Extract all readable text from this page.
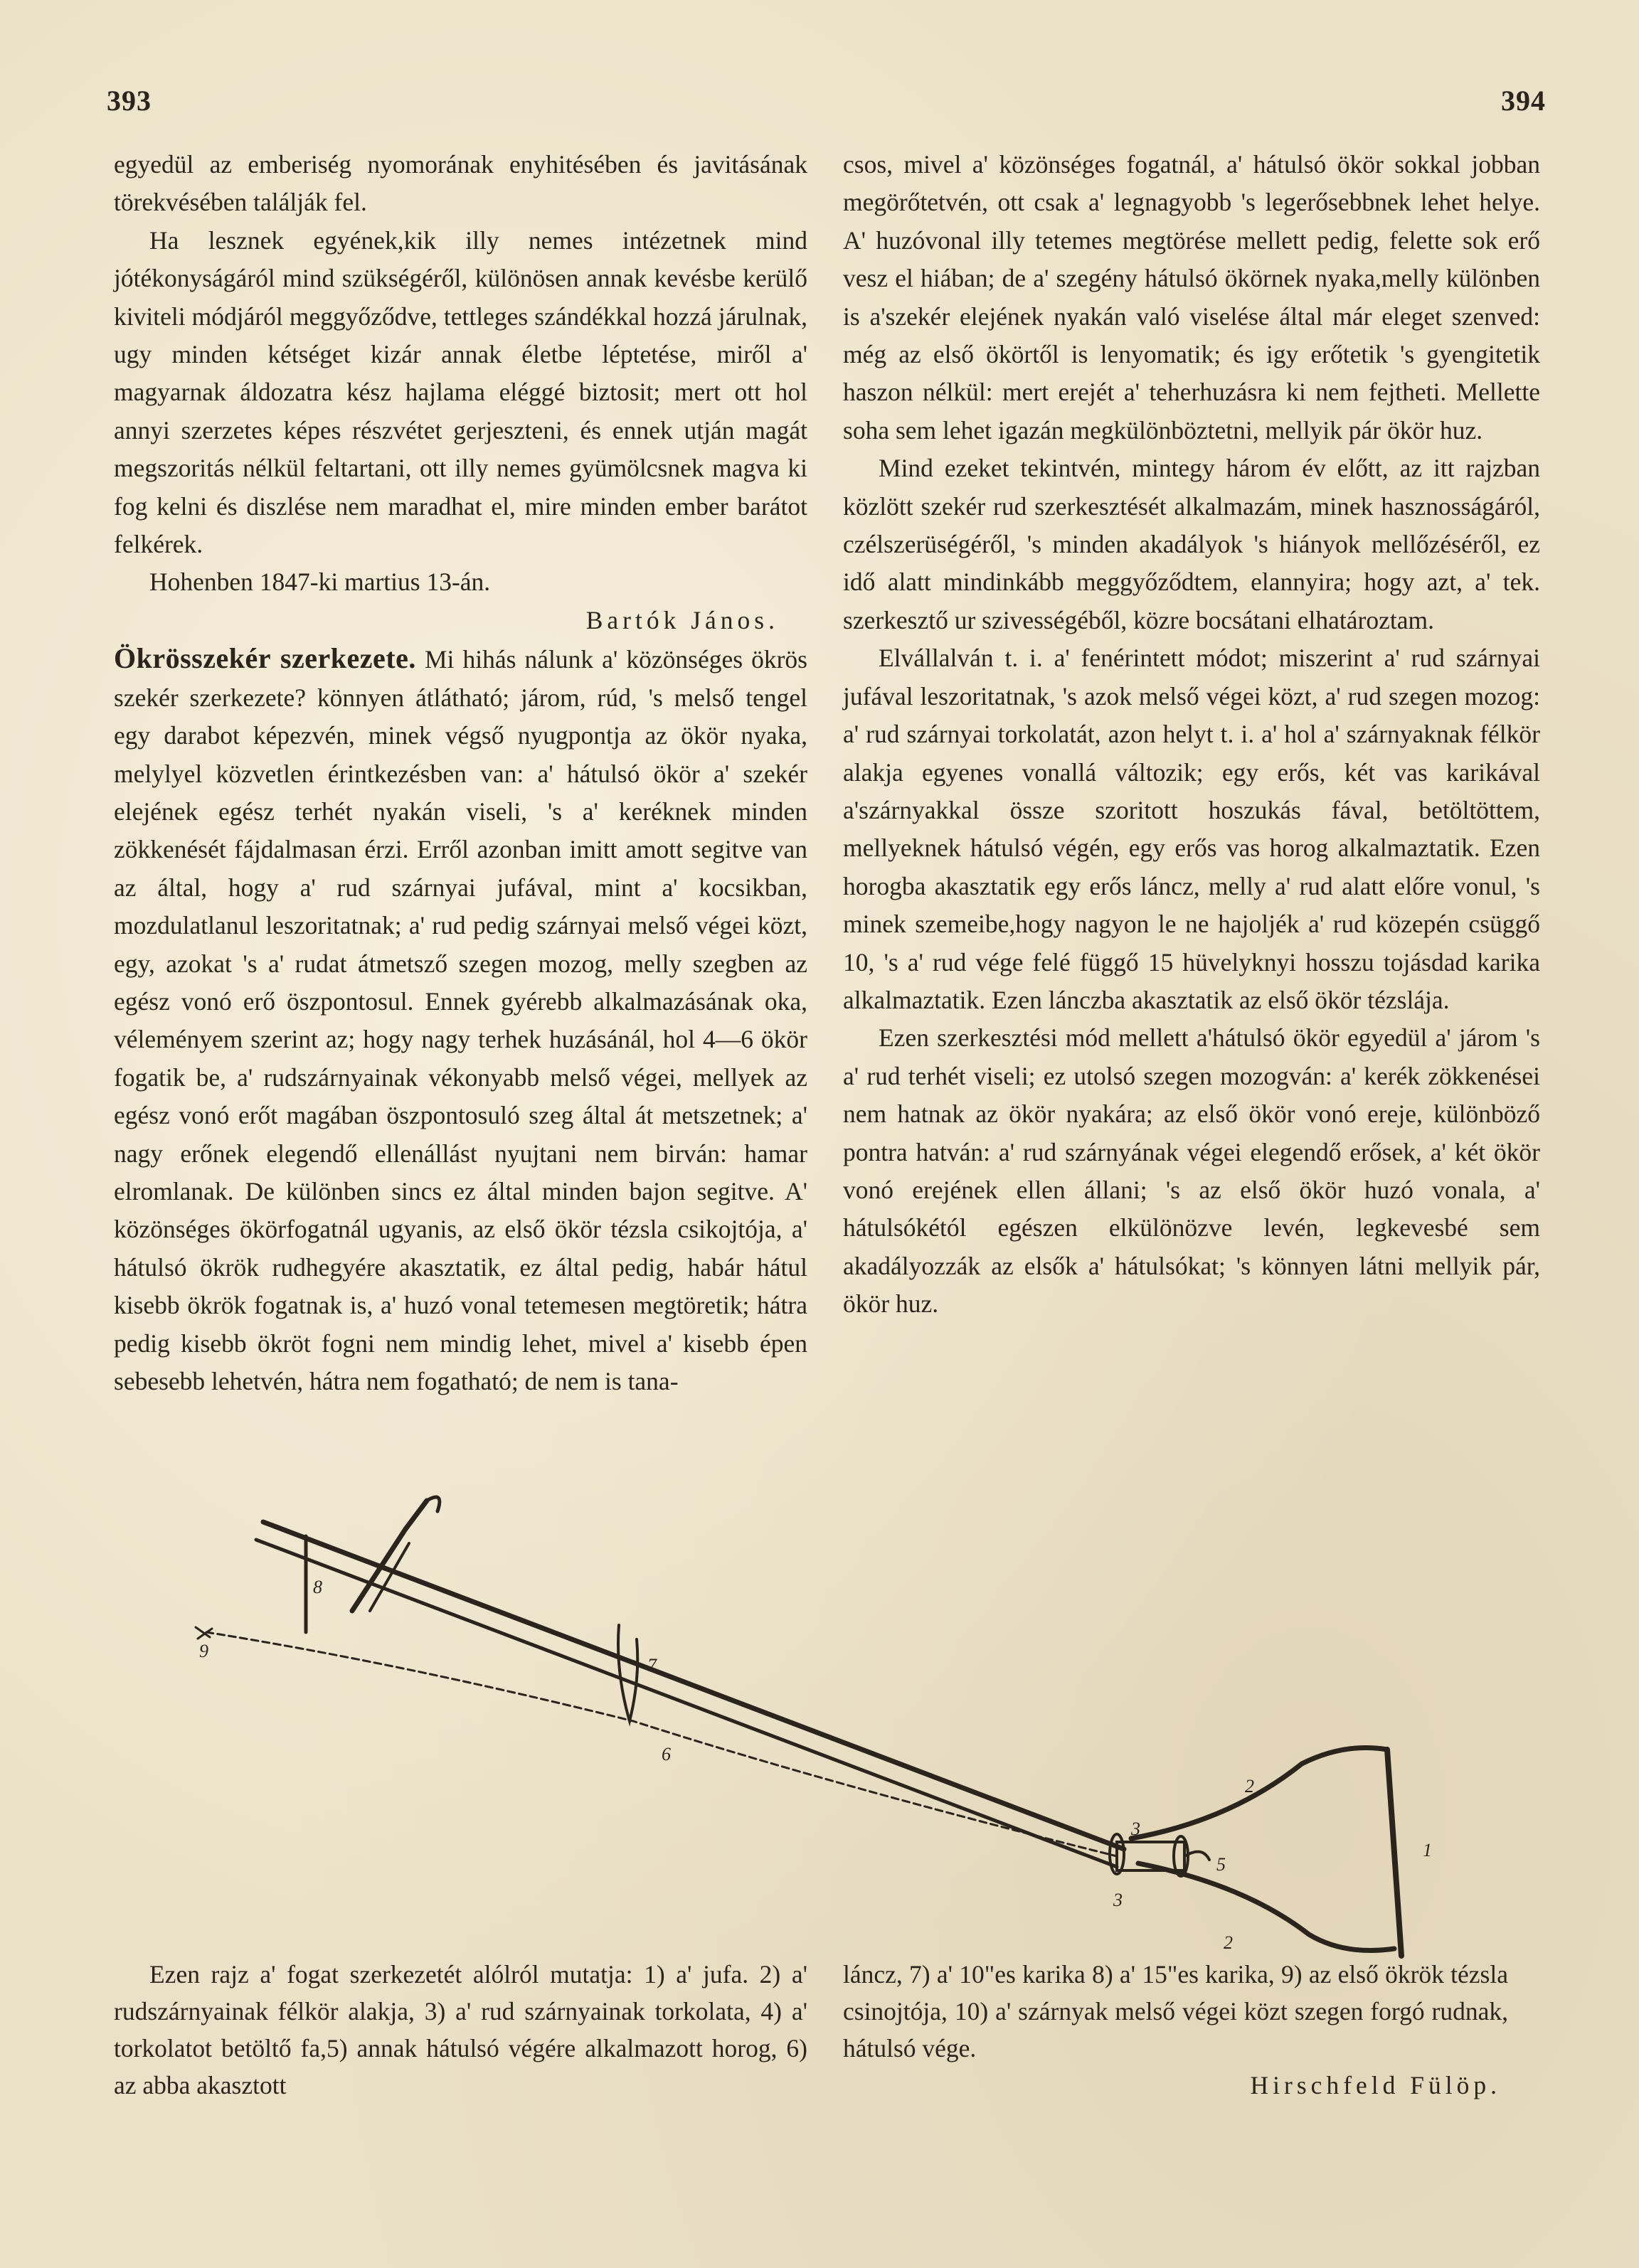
393	394

egyedül az emberiség nyomorának enyhitésében és javitásának törekvésében találják fel.

Ha lesznek egyének,kik illy nemes intézetnek mind jótékonyságáról mind szükségéről, különösen annak kevésbe kerülő kiviteli módjáról meggyőződve, tettleges szándékkal hozzá járulnak, ugy minden kétséget kizár annak életbe léptetése, miről a' magyarnak áldozatra kész hajlama eléggé biztosit; mert ott hol annyi szerzetes képes részvétet gerjeszteni, és ennek utján magát megszoritás nélkül feltartani, ott illy nemes gyümölcsnek magva ki fog kelni és diszlése nem maradhat el, mire minden ember barátot felkérek.

Hohenben 1847-ki martius 13-án.

Bartók János.

Ökrösszekér szerkezete. Mi hihás nálunk a' közönséges ökrös szekér szerkezete? könnyen átlátható; járom, rúd, 's melső tengel egy darabot képezvén, minek végső nyugpontja az ökör nyaka, melylyel közvetlen érintkezésben van: a' hátulsó ökör a' szekér elejének egész terhét nyakán viseli, 's a' keréknek minden zökkenését fájdalmasan érzi. Erről azonban imitt amott segitve van az által, hogy a' rud szárnyai jufával, mint a' kocsikban, mozdulatlanul leszoritatnak; a' rud pedig szárnyai melső végei közt, egy, azokat 's a' rudat átmetsző szegen mozog, melly szegben az egész vonó erő öszpontosul. Ennek gyérebb alkalmazásának oka, véleményem szerint az; hogy nagy terhek huzásánál, hol 4—6 ökör fogatik be, a' rudszárnyainak vékonyabb melső végei, mellyek az egész vonó erőt magában öszpontosuló szeg által át metszetnek; a' nagy erőnek elegendő ellenállást nyujtani nem birván: hamar elromlanak. De különben sincs ez által minden bajon segitve. A' közönséges ökörfogatnál ugyanis, az első ökör tézsla csikojtója, a' hátulsó ökrök rudhegyére akasztatik, ez által pedig, habár hátul kisebb ökrök fogatnak is, a' huzó vonal tetemesen megtöretik; hátra pedig kisebb ökröt fogni nem mindig lehet, mivel a' kisebb épen sebesebb lehetvén, hátra nem fogatható; de nem is tana-

csos, mivel a' közönséges fogatnál, a' hátulsó ökör sokkal jobban megörőtetvén, ott csak a' legnagyobb 's legerősebbnek lehet helye. A' huzóvonal illy tetemes megtörése mellett pedig, felette sok erő vesz el hiában; de a' szegény hátulsó ökörnek nyaka,melly különben is a'szekér elejének nyakán való viselése által már eleget szenved: még az első ökörtől is lenyomatik; és igy erőtetik 's gyengitetik haszon nélkül: mert erejét a' teherhuzásra ki nem fejtheti. Mellette soha sem lehet igazán megkülönböztetni, mellyik pár ökör huz.

Mind ezeket tekintvén, mintegy három év előtt, az itt rajzban közlött szekér rud szerkesztését alkalmazám, minek hasznosságáról, czélszerüségéről, 's minden akadályok 's hiányok mellőzéséről, ez idő alatt mindinkább meggyőződtem, elannyira; hogy azt, a' tek. szerkesztő ur szivességéből, közre bocsátani elhatároztam.

Elvállalván t. i. a' fenérintett módot; miszerint a' rud szárnyai jufával leszoritatnak, 's azok melső végei közt, a' rud szegen mozog: a' rud szárnyai torkolatát, azon helyt t. i. a' hol a' szárnyaknak félkör alakja egyenes vonallá változik; egy erős, két vas karikával a'szárnyakkal össze szoritott hoszukás fával, betöltöttem, mellyeknek hátulsó végén, egy erős vas horog alkalmaztatik. Ezen horogba akasztatik egy erős láncz, melly a' rud alatt előre vonul, 's minek szemeibe,hogy nagyon le ne hajoljék a' rud közepén csüggő 10, 's a' rud vége felé függő 15 hüvelyknyi hosszu tojásdad karika alkalmaztatik. Ezen lánczba akasztatik az első ökör tézslája.

Ezen szerkesztési mód mellett a'hátulsó ökör egyedül a' járom 's a' rud terhét viseli; ez utolsó szegen mozogván: a' kerék zökkenései nem hatnak az ökör nyakára; az első ökör vonó ereje, különböző pontra hatván: a' rud szárnyának végei elegendő erősek, a' két ökör vonó erejének ellen állani; 's az első ökör huzó vonala, a' hátulsókétól egészen elkülönözve levén, legkevesbé sem akadályozzák az elsők a' hátulsókat; 's könnyen látni mellyik pár, ökör huz.

9
8
7
6
5
3
3
2
2
1

Ezen rajz a' fogat szerkezetét alólról mutatja: 1) a' jufa. 2) a' rudszárnyainak félkör alakja, 3) a' rud szárnyainak torkolata, 4) a' torkolatot betöltő fa,5) annak hátulsó végére alkalmazott horog, 6) az abba akasztott

láncz, 7) a' 10"es karika 8) a' 15"es karika, 9) az első ökrök tézsla csinojtója, 10) a' szárnyak melső végei közt szegen forgó rudnak, hátulsó vége.

Hirschfeld Fülöp.
